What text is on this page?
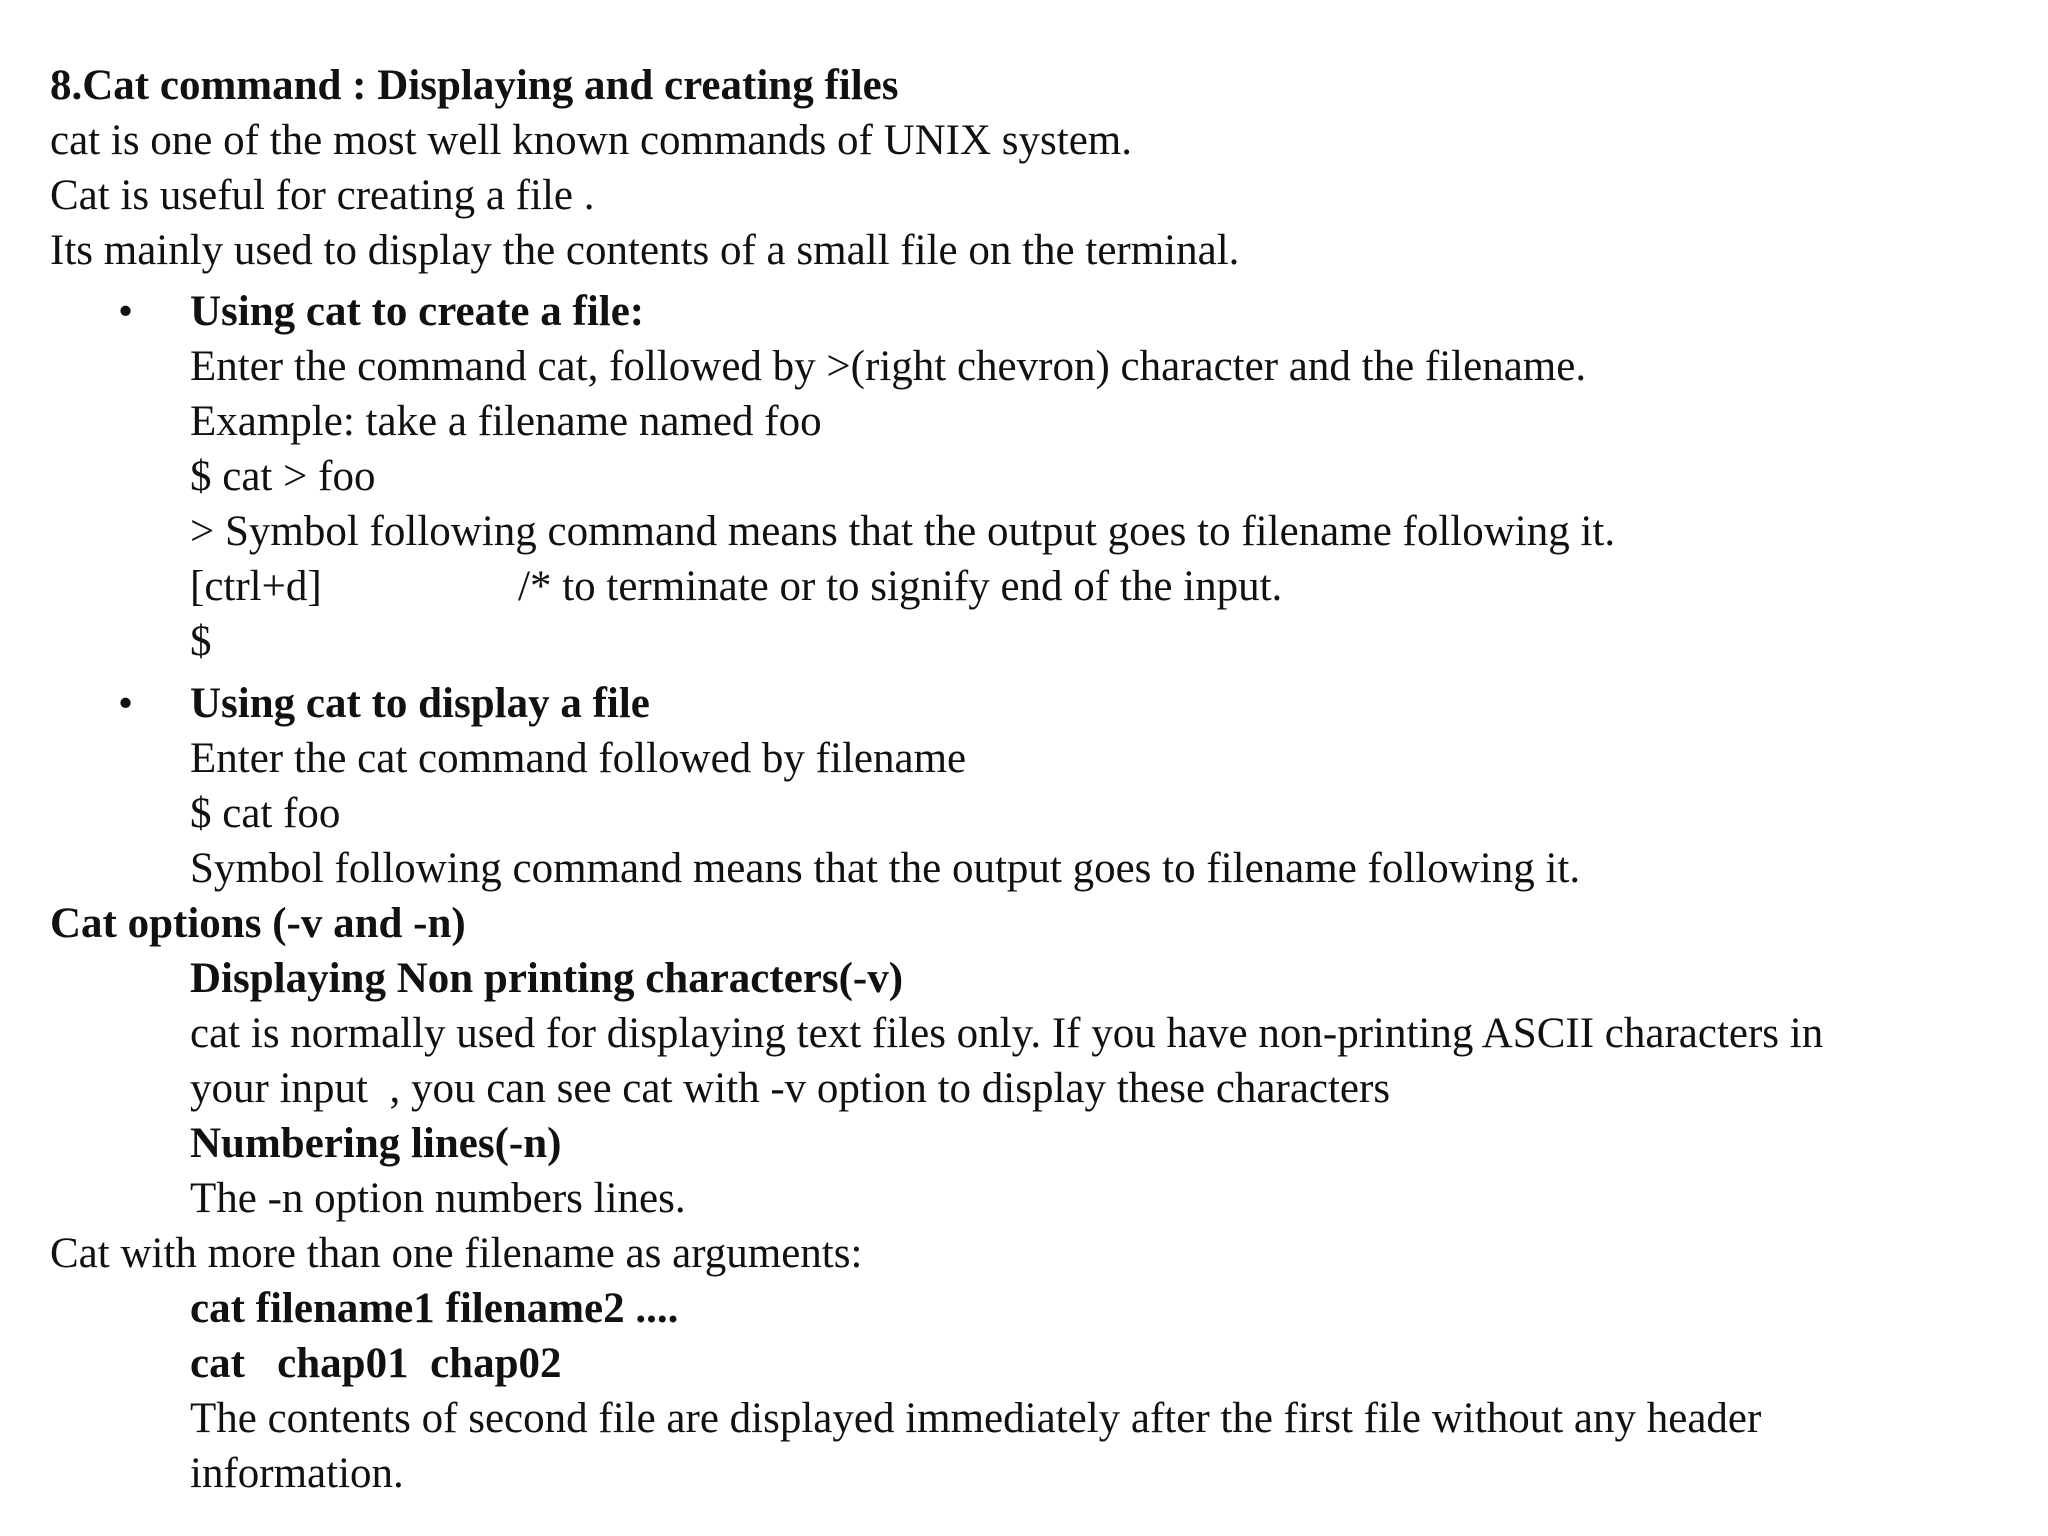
8.Cat command : Displaying and creating files
cat is one of the most well known commands of UNIX system.
Cat is useful for creating a file .
Its mainly used to display the contents of a small file on the terminal.
• Using cat to create a file:
Enter the command cat, followed by >(right chevron) character and the filename.
Example: take a filename named foo
$ cat > foo
> Symbol following command means that the output goes to filename following it.
[ctrl+d]	/* to terminate or to signify end of the input.
$
• Using cat to display a file
Enter the cat command followed by filename
$ cat foo
Symbol following command means that the output goes to filename following it.
Cat options (-v and -n)
Displaying Non printing characters(-v)
cat is normally used for displaying text files only. If you have non-printing ASCII characters in
your input  , you can see cat with -v option to display these characters
Numbering lines(-n)
The -n option numbers lines.
Cat with more than one filename as arguments:
cat filename1 filename2 ....
cat   chap01  chap02
The contents of second file are displayed immediately after the first file without any header
information.
